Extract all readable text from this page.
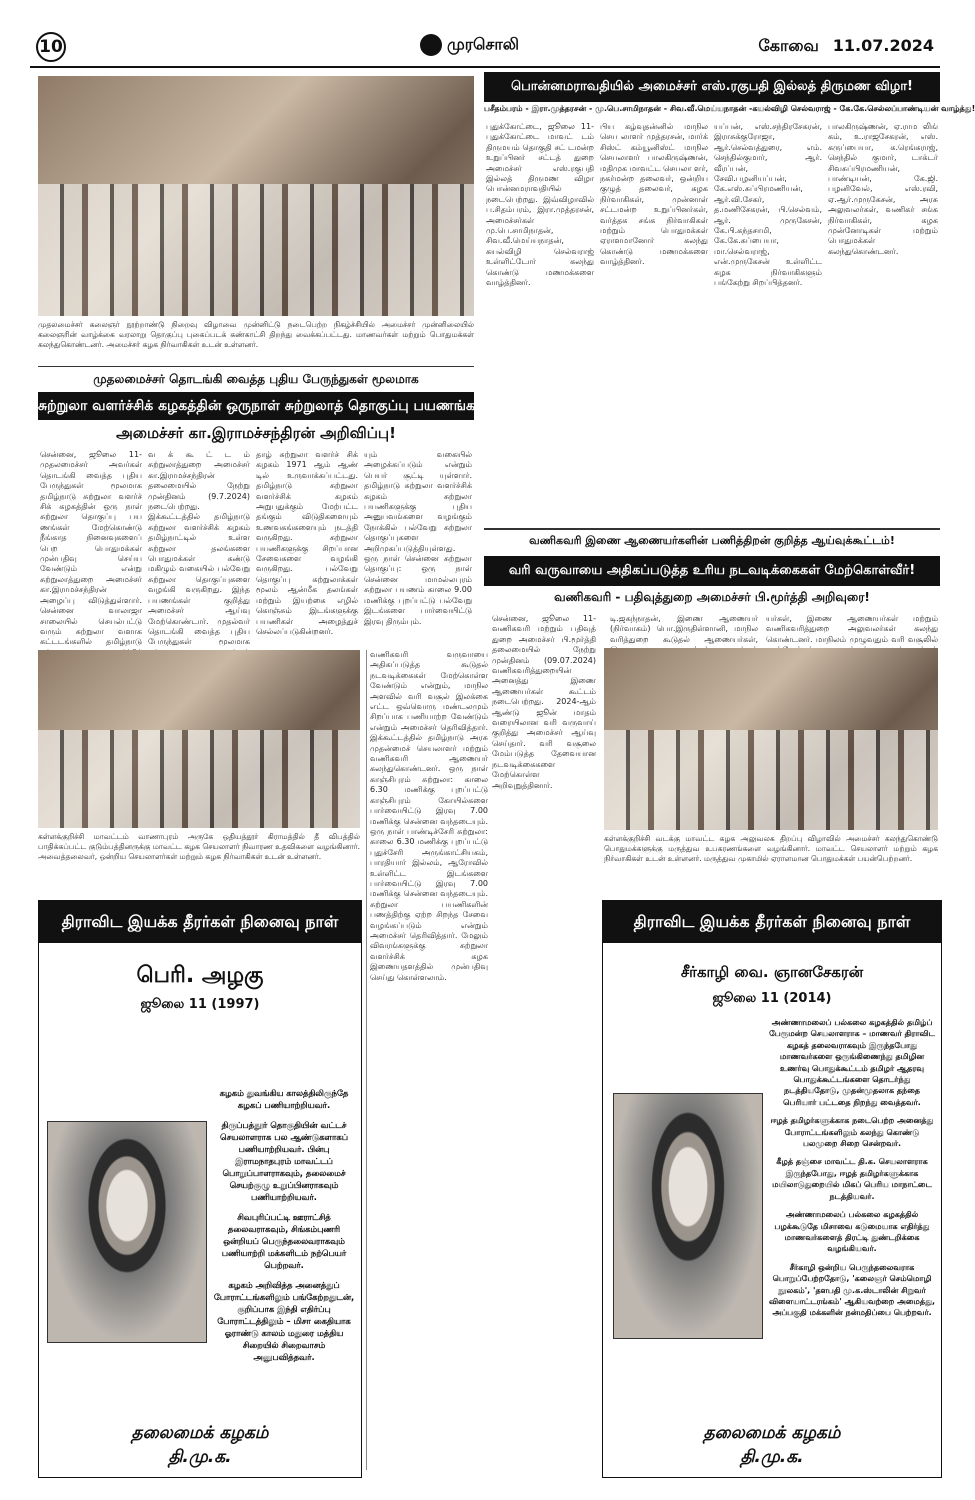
10	முரசொலி	கோவை 11.07.2024
முதலமைச்சர் கலைஞர் நூற்றாண்டு நிறைவு விழாவை முன்னிட்டு நடைபெற்ற நிகழ்ச்சியில் அமைச்சர் முன்னிலையில் கலைஞரின் வாழ்க்கை வரலாறு தொகுப்பு புகைப்படக் கண்காட்சி திறந்து வைக்கப்பட்டது. மாணவர்கள் மற்றும் பொதுமக்கள் கலந்துகொண்டனர். அமைச்சர் கழக நிர்வாகிகள் உடன் உள்ளனர்.
முதலமைச்சர் தொடங்கி வைத்த புதிய பேருந்துகள் மூலமாக
சுற்றுலா வளர்ச்சிக் கழகத்தின் ஒருநாள் சுற்றுலாத் தொகுப்பு பயணங்கள்!
அமைச்சர் கா.இராமச்சந்திரன் அறிவிப்பு!
சென்னை, ஜூலை 11- முதலமைச்சர் அவர்கள் தொடங்கி வைத்த புதிய பேருந்துகள் மூலமாக தமிழ்நாடு சுற்றுலா வளர்ச் சிக் கழகத்தின் ஒரு நாள் சுற்றுலா தொகுப்பு பய ணங்கள் மேற்கொண்டு நீங்காத நினைவுகளைப் பெற பொதுமக்கள் முன்பதிவு செய்ய வேண்டும் என்று சுற்றுலாத்துறை அமைச்சர் கா.இராமச்சந்திரன் அழைப்பு விடுத்துள்ளார். சென்னை வாலாஜா சாலையில் செயல்பட்டு வரும் சுற்றுலா வளாக கட்டடங்களில் தமிழ்நாடு
வ க் கூ ட் ட ம் சுற்றுலாத்துறை அமைச்சர் கா.இராமச்சந்திரன் தலைமையில் நேற்று முன்தினம் (9.7.2024) நடைபெற்றது. இக்கூட்டத்தில் தமிழ்நாடு சுற்றுலா வளர்ச்சிக் கழகம் தமிழ்நாட்டில் உள்ள சுற்றுலா தலங்களை பொதுமக்கள் கண்டு மகிழும் வகையில் பல்வேறு சுற்றுலா தொகுப்புகளை வழங்கி வருகிறது. இந்த பயணங்கள் குறித்து அமைச்சர் ஆய்வு மேற்கொண்டார். முதல்வர் தொடங்கி வைத்த புதிய பேருந்துகள் மூலமாக
தாழ் சுற்றுலா வளர்ச் சிக் கழகம் 1971 ஆம் ஆண் டில் உருவாக்கப்பட்டது. தமிழ்நாடு சுற்றுலா வளர்ச்சிக் கழகம் அறுபதுக்கும் மேற்பட்ட தங்கும் விடுதிகளையும் உணவகங்களையும் நடத்தி வருகிறது. சுற்றுலா பயணிகளுக்கு சிறப்பான சேவைகளை வழங்கி வருகிறது. பல்வேறு தொகுப்பு சுற்றுலாக்கள் மூலம் ஆன்மீக தலங்கள் மற்றும் இயற்கை எழில் கொஞ்சும் இடங்களுக்கு பயணிகள் அழைத்துச் செல்லப்படுகின்றனர்.
யும் வகையில் அழைக்கப்படும் என்றும் பெயர் சூட்டி யுள்ளார். தமிழ்நாடு சுற்றுலா வளர்ச்சிக் கழகம் சுற்றுலா பயணிகளுக்கு புதிய அனுபவங்களை வழங்கும் நோக்கில் பல்வேறு சுற்றுலா தொகுப்புகளை அறிமுகப்படுத்தியுள்ளது. ஒரு நாள் சென்னை சுற்றுலா தொகுப்பு: ஒரு நாள் சென்னை மாமல்லபுரம் சுற்றுலா பயணம் காலை 9.00 மணிக்கு புறப்பட்டு பல்வேறு இடங்களை பார்வையிட்டு இரவு திரும்பும்.
கள்ளக்குறிச்சி மாவட்டம் வாணாபுரம் அருகே ஒதியத்தூர் கிராமத்தில் தீ விபத்தில் பாதிக்கப்பட்ட குடும்பத்தினருக்கு மாவட்ட கழக செயலாளர் நிவாரண உதவிகளை வழங்கினார். அவைத்தலைவர், ஒன்றிய செயலாளர்கள் மற்றும் கழக நிர்வாகிகள் உடன் உள்ளனர்.
வணிகவரி வருவாயை அதிகப்படுத்த கூடுதல் நடவடிக்கைகள் மேற்கொள்ள வேண்டும் என்றும், மாநில அளவில் வரி வசூல் இலக்கை எட்ட ஒவ்வொரு மண்டலமும் சிறப்பாக பணியாற்ற வேண்டும் என்றும் அமைச்சர் தெரிவித்தார். இக்கூட்டத்தில் தமிழ்நாடு அரசு முதன்மைச் செயலாளர் மற்றும் வணிகவரி ஆணையர் கலந்துகொண்டனர். ஒரு நாள் காஞ்சிபுரம் சுற்றுலா: காலை 6.30 மணிக்கு புறப்பட்டு காஞ்சிபுரம் கோயில்களை பார்வையிட்டு இரவு 7.00 மணிக்கு சென்னை வந்தடையும். ஒரு நாள் பாண்டிச்சேரி சுற்றுலா: காலை 6.30 மணிக்கு புறப்பட்டு புதுச்சேரி அருங்காட்சியகம், பாரதியார் இல்லம், ஆரோவில் உள்ளிட்ட இடங்களை பார்வையிட்டு இரவு 7.00 மணிக்கு சென்னை வந்தடையும். சுற்றுலா பயணிகளின் பணத்திற்கு ஏற்ற சிறந்த சேவை வழங்கப்படும் என்றும் அமைச்சர் தெரிவித்தார். மேலும் விவரங்களுக்கு சுற்றுலா வளர்ச்சிக் கழக இணையதளத்தில் முன்பதிவு செய்து கொள்ளலாம்.
பொன்னமராவதியில் அமைச்சர் எஸ்.ரகுபதி இல்லத் திருமண விழா!
பசீதம்பரம் - இரா.முத்தரசன் - மு.பெ.சாமிநாதன் - சிவ.வீ.மெய்யநாதன் -கயல்விழி செல்வராஜ் - கே.கே.செல்லப்பாண்டியன் வாழ்த்து!
புதுக்கோட்டை, ஜூலை 11- புதுக்கோட்டை மாவட் டம் திருமயம் தொகுதி சட் டமன்ற உறுப்பினர் சட்டத் துறை அமைச்சர் எஸ்.ரகுபதி இல்லத் திருமண விழா பொன்னமராவதியில் நடைபெற்றது. இவ்விழாவில் ப.சிதம்பரம், இரா.முத்தரசன், அமைச்சர்கள் மு.பெ.சாமிநாதன், சிவ.வீ.மெய்யநாதன், கயல்விழி செல்வராஜ் உள்ளிட்டோர் கலந்து கொண்டு மணமக்களை வாழ்த்தினர்.
பிய கழ்வுதன்னில் மாநில செய லாளர் முத்தரசன், மார்க் சிஸ்ட் கம்யூனிஸ்ட் மாநில செயலாளர் பாலகிருஷ்ணன், மதிமுக மாவட்ட செயலா ளர், நகர்மன்ற தலைவர், ஒன்றிய குழுத் தலைவர், கழக நிர்வாகிகள், முன்னாள் சட்டமன்ற உறுப்பினர்கள், வர்த்தக சங்க நிர்வாகிகள் மற்றும் பொதுமக்கள் ஏராளமானோர் கலந்து கொண்டு மணமக்களை வாழ்த்தினர்.
யப்பன், எஸ்.சந்திரசேகரன், இராசுக்குரோஜா, ஆர்.செல்வத்துரை, எம். செந்தில்குமார், ஆர். வீரப்பன், சேவி.பழனியப்பன், கே.எஸ்.சுப்பிரமணியன், ஆர்.வி.சேகர், த.மணிசேகரன், பி.செல்வம், ஆர். முருகேசன், கே.பி.கந்தசாமி, கே.கே.சுப்பையா, மா.செல்வராஜ், என்.முருகேசன் உள்ளிட்ட கழக நிர்வாகிகளும் பங்கேற்று சிறப்பித்தனர்.
பாலகிருஷ்ணன், ஏ.ராம லிங் கம், உ.ராஜசேகரன், எஸ். கருப்பையா, க.ரெங்கராஜ், செந்தில் குமார், டாக்டர் சிவசுப்பிரமணியன், பாண்டியன், கே.ஜி. பழனிவேல், எஸ்.ரவி, ஏ.ஆர்.முருகேசன், அரசு அலுவலர்கள், வணிகர் சங்க நிர்வாகிகள், கழக முன்னோடிகள் மற்றும் பொதுமக்கள் கலந்துகொண்டனர்.
வணிகவரி இணை ஆணையர்களின் பணித்திறன் குறித்த ஆய்வுக்கூட்டம்!
வரி வருவாயை அதிகப்படுத்த உரிய நடவடிக்கைகள் மேற்கொள்வீர்!
வணிகவரி - பதிவுத்துறை அமைச்சர் பி.மூர்த்தி அறிவுரை!
சென்னை, ஜூலை 11- வணிகவரி மற்றும் பதிவுத் துறை அமைச்சர் பி.மூர்த்தி தலைமையில் நேற்று முன்தினம் (09.07.2024) வணிகவரித்துறையின் அனைத்து இணை ஆணையர்கள் கூட்டம் நடைபெற்றது. 2024-ஆம் ஆண்டு ஜூன் மாதம் வரையிலான வரி வருவாய் குறித்து அமைச்சர் ஆய்வு செய்தார். வரி வசூலை மேம்படுத்த தேவையான நடவடிக்கைகளை மேற்கொள்ள அறிவுறுத்தினார்.
டி.ஜகந்நாதன், இணை ஆணையர் (நிர்வாகம்) பொ.இருதிள்ளானி, மாநில வரித்துறை கூடுதல் ஆணையர்கள்,
யர்கள், இணை ஆணையர்கள் மற்றும் வணிகவரித்துறை அலுவலர்கள் கலந்து கொண்டனர். மாநிலம் முழுவதும் வரி வசூலில்
கள்ளக்குறிச்சி வடக்கு மாவட்ட கழக அலுவலக திறப்பு விழாவில் அமைச்சர் கலந்துகொண்டு பொதுமக்களுக்கு மருத்துவ உபகரணங்களை வழங்கினார். மாவட்ட செயலாளர் மற்றும் கழக நிர்வாகிகள் உடன் உள்ளனர். மருத்துவ முகாமில் ஏராளமான பொதுமக்கள் பயன்பெற்றனர்.
திராவிட இயக்க தீரர்கள் நினைவு நாள்
பெரி. அழகு
ஜூலை 11 (1997)

கழகம் துவங்கிய காலத்திலிருந்தே கழகப் பணியாற்றியவர்.

திருப்பத்தூர் தொகுதியின் வட்டச் செயலாளராக பல ஆண்டுகளாகப் பணியாற்றியவர். பின்பு இராமநாதபுரம் மாவட்டப் பொறுப்பாளராகவும், தலைமைச் செயற்குழு உறுப்பினராகவும் பணியாற்றியவர்.

சிவபுரிப்பட்டி ஊராட்சித் தலைவராகவும், சிங்கம்புணரி ஒன்றியப் பெருந்தலைவராகவும் பணியாற்றி மக்களிடம் நற்பெயர் பெற்றவர்.

கழகம் அறிவித்த அனைத்துப் போராட்டங்களிலும் பங்கேற்றதுடன், குறிப்பாக இந்தி எதிர்ப்பு போராட்டத்திலும் – மிசா கைதியாக ஓராண்டு காலம் மதுரை மத்திய சிறையில் சிறைவாசம் அனுபவித்தவர்.

தலைமைக் கழகம்
தி.மு.க.
திராவிட இயக்க தீரர்கள் நினைவு நாள்
சீர்காழி வை. ஞானசேகரன்
ஜூலை 11 (2014)

அண்ணாமலைப் பல்கலை கழகத்தில் தமிழ்ப் பேரூமன்ற செயலாளராக – மாணவர் திராவிட கழகத் தலைவராகவும் இருந்தபோது மாணவர்களை ஒருங்கிணைந்து தமிழின உணர்வு பொதுக்கூட்டம் தமிழர் ஆதரவு பொதுக்கூட்டங்களை தொடர்ந்து நடத்தியதோடு, முதன்முதலாக தந்தை பெரியார் பட்டதை நிறந்து வைத்தவர்.

ஈழத் தமிழர்களுக்காக நடைபெற்ற அனைத்து போராட்டங்களிலும் கலந்து கொண்டு பலமுறை சிறை சென்றவர்.

கீழத் தஞ்சை மாவட்ட தி.க. செயலாளராக இருந்தபோது, ஈழத் தமிழர்களுக்காக மயிலாடுதுறையில் மிகப் பெரிய மாநாட்டை நடத்தியவர்.

அண்ணாமலைப் பல்கலை கழகத்தில் பழக்கூடுதே மிசாவை கடுமையாக எதிர்த்து மாணவர்களைத் திரட்டி துண்டறிக்கை வழங்கியவர்.

சீர்காழி ஒன்றிய பெருந்தலைவராக பொறுப்பேற்றதோடு, 'கலைஞர் செம்மொழி நூலகம்', 'தளபதி மு.க.ஸ்டாலின் சிறுவர் விளையாட்டரங்கம்' ஆகியவற்றை அமைத்து, அப்பகுதி மக்களின் நன்மதிப்பை பெற்றவர்.

தலைமைக் கழகம்
தி.மு.க.
